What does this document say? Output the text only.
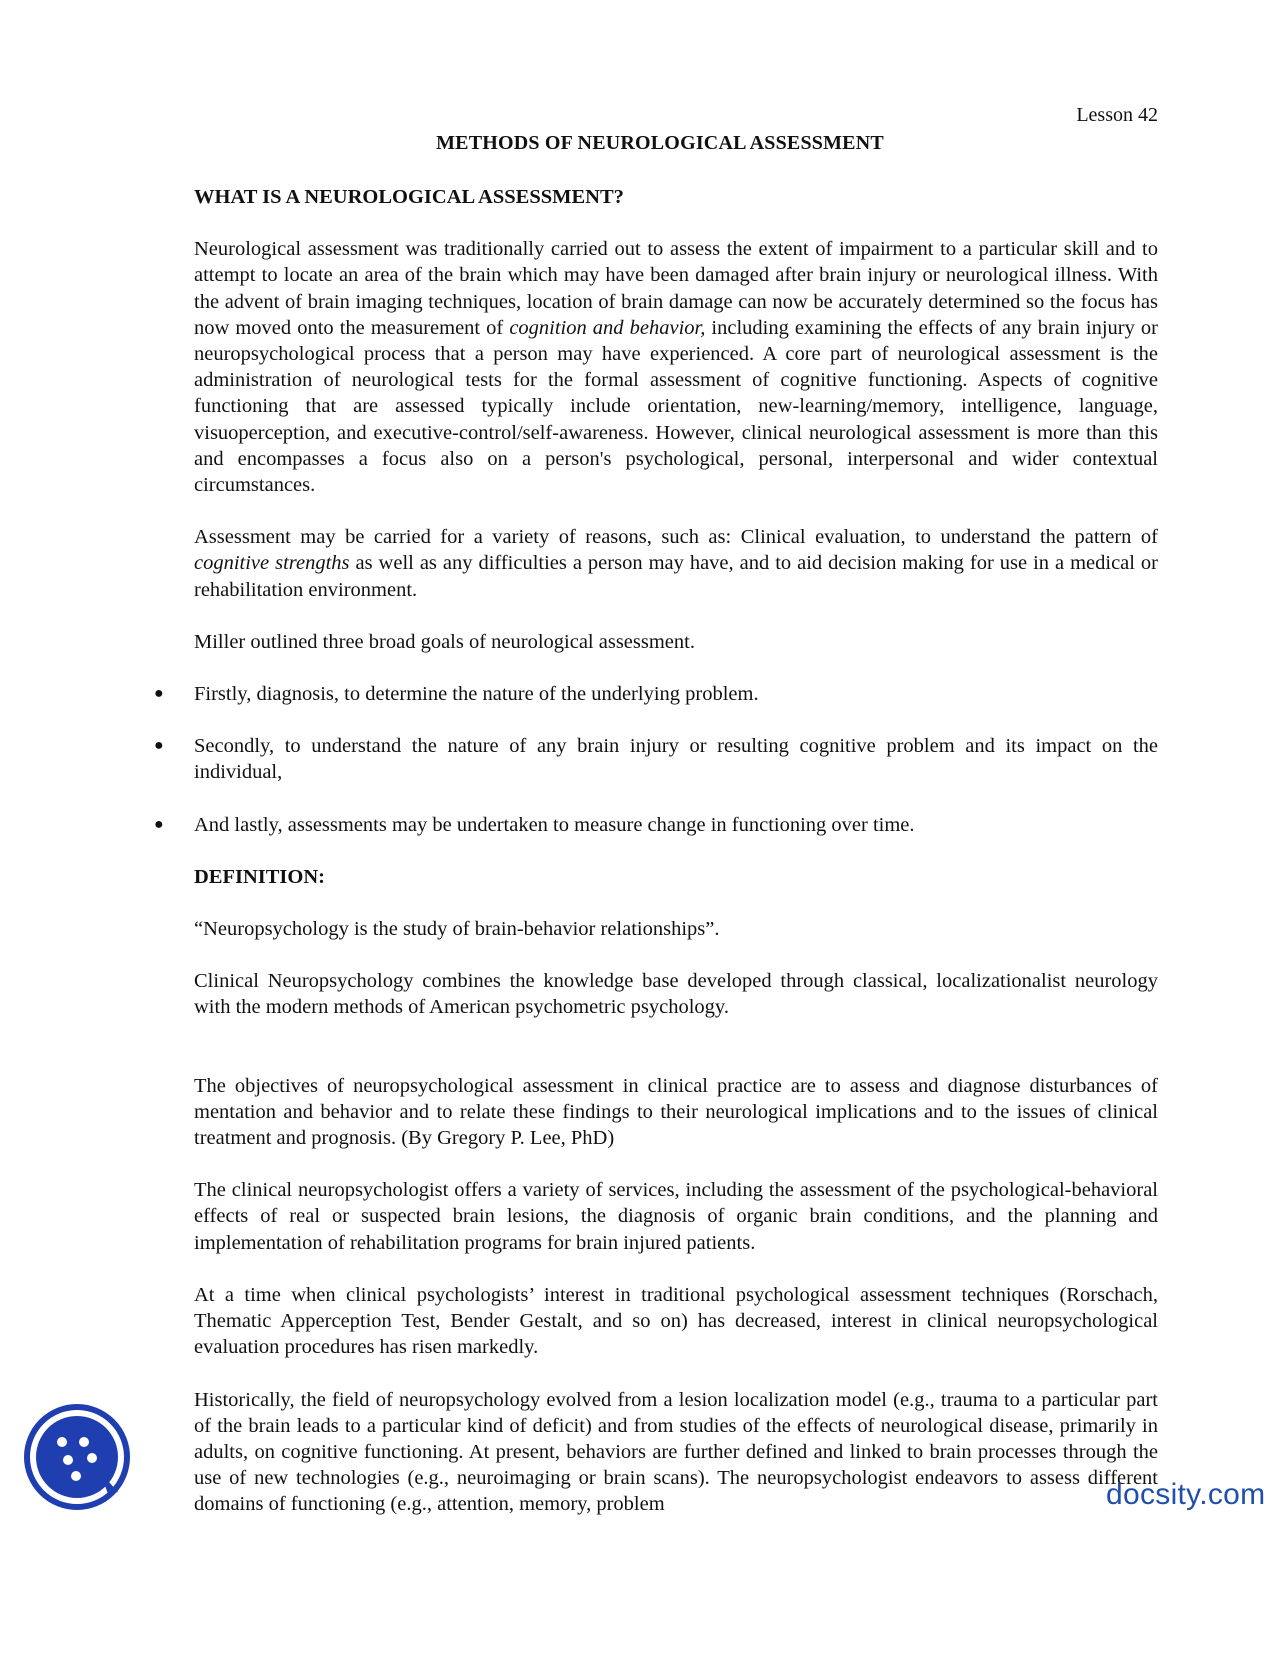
Lesson 42
METHODS OF NEUROLOGICAL ASSESSMENT
WHAT IS A NEUROLOGICAL ASSESSMENT?

Neurological assessment was traditionally carried out to assess the extent of impairment to a particular skill and to attempt to locate an area of the brain which may have been damaged after brain injury or neurological illness. With the advent of brain imaging techniques, location of brain damage can now be accurately determined so the focus has now moved onto the measurement of cognition and behavior, including examining the effects of any brain injury or neuropsychological process that a person may have experienced. A core part of neurological assessment is the administration of neurological tests for the formal assessment of cognitive functioning. Aspects of cognitive functioning that are assessed typically include orientation, new-learning/memory, intelligence, language, visuoperception, and executive-control/self-awareness. However, clinical neurological assessment is more than this and encompasses a focus also on a person's psychological, personal, interpersonal and wider contextual circumstances.

Assessment may be carried for a variety of reasons, such as: Clinical evaluation, to understand the pattern of cognitive strengths as well as any difficulties a person may have, and to aid decision making for use in a medical or rehabilitation environment.

Miller outlined three broad goals of neurological assessment.

● Firstly, diagnosis, to determine the nature of the underlying problem.
● Secondly, to understand the nature of any brain injury or resulting cognitive problem and its impact on the individual,
● And lastly, assessments may be undertaken to measure change in functioning over time.
DEFINITION:

“Neuropsychology is the study of brain-behavior relationships”.

Clinical Neuropsychology combines the knowledge base developed through classical, localizationalist neurology with the modern methods of American psychometric psychology.

The objectives of neuropsychological assessment in clinical practice are to assess and diagnose disturbances of mentation and behavior and to relate these findings to their neurological implications and to the issues of clinical treatment and prognosis. (By Gregory P. Lee, PhD)

The clinical neuropsychologist offers a variety of services, including the assessment of the psychological-behavioral effects of real or suspected brain lesions, the diagnosis of organic brain conditions, and the planning and implementation of rehabilitation programs for brain injured patients.

At a time when clinical psychologists’ interest in traditional psychological assessment techniques (Rorschach, Thematic Apperception Test, Bender Gestalt, and so on) has decreased, interest in clinical neuropsychological evaluation procedures has risen markedly.

Historically, the field of neuropsychology evolved from a lesion localization model (e.g., trauma to a particular part of the brain leads to a particular kind of deficit) and from studies of the effects of neurological disease, primarily in adults, on cognitive functioning. At present, behaviors are further defined and linked to brain processes through the use of new technologies (e.g., neuroimaging or brain scans). The neuropsychologist endeavors to assess different domains of functioning (e.g., attention, memory, problem	docsity.com
